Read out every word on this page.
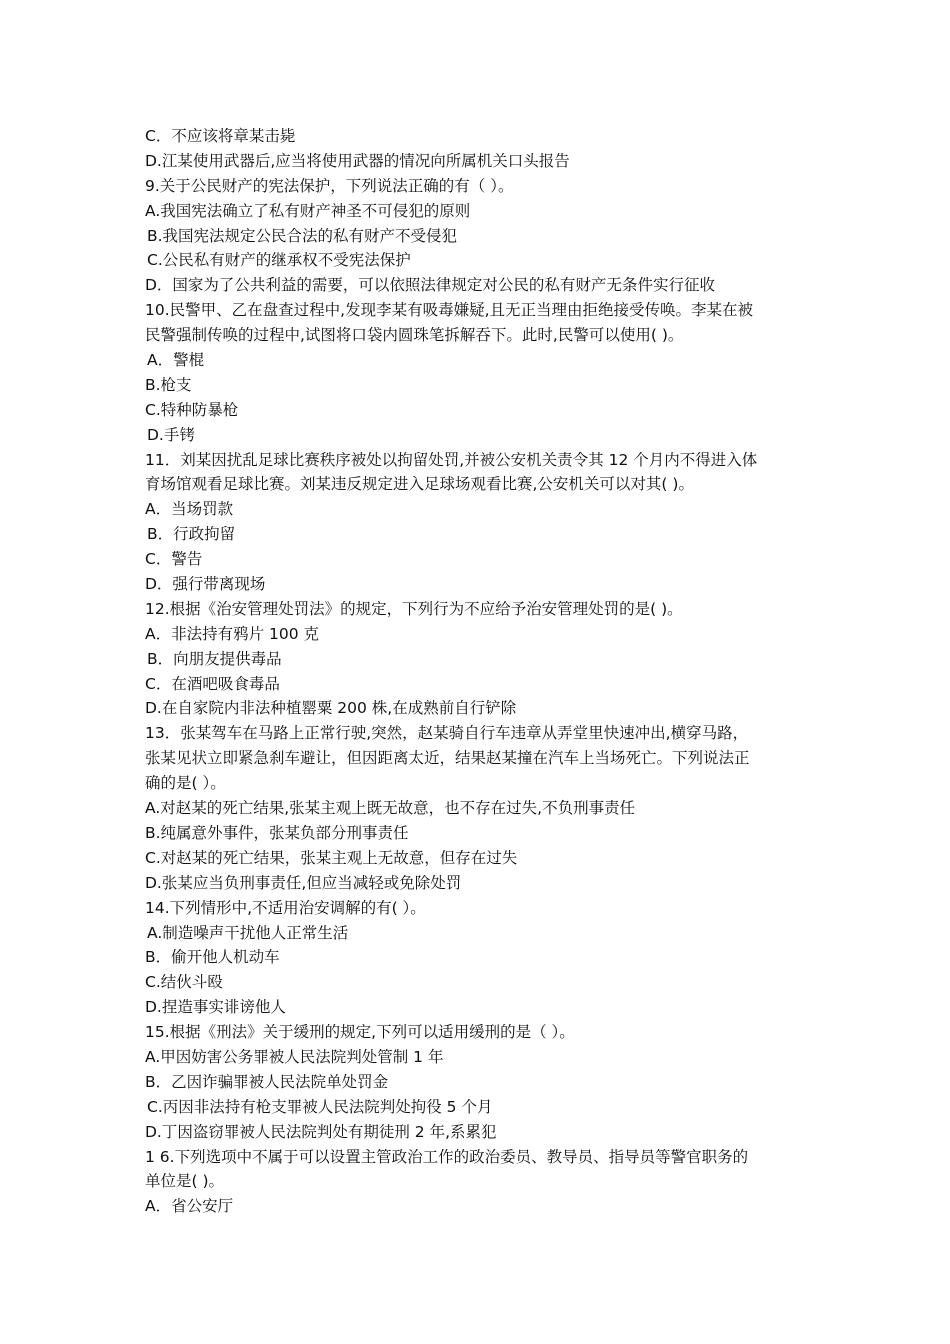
C．不应该将章某击毙
D.江某使用武器后,应当将使用武器的情况向所属机关口头报告
9.关于公民财产的宪法保护，下列说法正确的有（ ）。
A.我国宪法确立了私有财产神圣不可侵犯的原则
B.我国宪法规定公民合法的私有财产不受侵犯
C.公民私有财产的继承权不受宪法保护
D．国家为了公共利益的需要，可以依照法律规定对公民的私有财产无条件实行征收
10.民警甲、乙在盘查过程中,发现李某有吸毒嫌疑,且无正当理由拒绝接受传唤。李某在被
民警强制传唤的过程中,试图将口袋内圆珠笔拆解吞下。此时,民警可以使用( )。
A．警棍
B.枪支
C.特种防暴枪
D.手铐
11．刘某因扰乱足球比赛秩序被处以拘留处罚,并被公安机关责令其 12 个月内不得进入体
育场馆观看足球比赛。刘某违反规定进入足球场观看比赛,公安机关可以对其( )。
A．当场罚款
B．行政拘留
C．警告
D．强行带离现场
12.根据《治安管理处罚法》的规定，下列行为不应给予治安管理处罚的是( )。
A．非法持有鸦片 100 克
B．向朋友提供毒品
C．在酒吧吸食毒品
D.在自家院内非法种植罂粟 200 株,在成熟前自行铲除
13．张某驾车在马路上正常行驶,突然，赵某骑自行车违章从弄堂里快速冲出,横穿马路，
张某见状立即紧急刹车避让，但因距离太近，结果赵某撞在汽车上当场死亡。下列说法正
确的是( ）。
A.对赵某的死亡结果,张某主观上既无故意，也不存在过失,不负刑事责任
B.纯属意外事件，张某负部分刑事责任
C.对赵某的死亡结果，张某主观上无故意，但存在过失
D.张某应当负刑事责任,但应当减轻或免除处罚
14.下列情形中,不适用治安调解的有( ）。
A.制造噪声干扰他人正常生活
B．偷开他人机动车
C.结伙斗殴
D.捏造事实诽谤他人
15.根据《刑法》关于缓刑的规定,下列可以适用缓刑的是（ ）。
A.甲因妨害公务罪被人民法院判处管制 1 年
B．乙因诈骗罪被人民法院单处罚金
C.丙因非法持有枪支罪被人民法院判处拘役 5 个月
D.丁因盗窃罪被人民法院判处有期徒刑 2 年,系累犯
1 6.下列选项中不属于可以设置主管政治工作的政治委员、教导员、指导员等警官职务的
单位是( )。
A．省公安厅
